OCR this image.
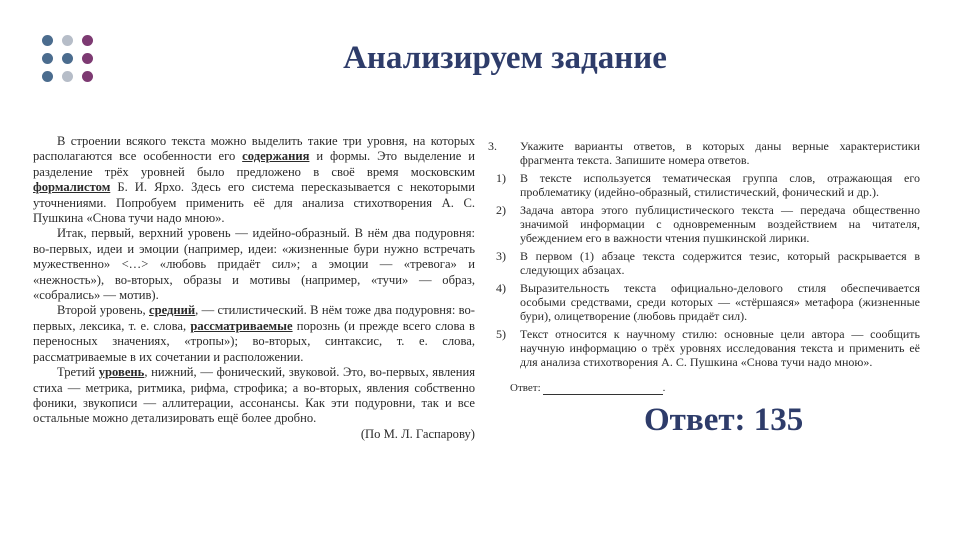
Анализируем задание

В строении всякого текста можно выделить такие три уровня, на которых располагаются все особенности его содержания и формы. Это выделение и разделение трёх уровней было предложено в своё время московским формалистом Б. И. Ярхо. Здесь его система пересказывается с некоторыми уточнениями. Попробуем применить её для анализа стихотворения А. С. Пушкина «Снова тучи надо мною».

Итак, первый, верхний уровень — идейно-образный. В нём два подуровня: во-первых, идеи и эмоции (например, идеи: «жизненные бури нужно встречать мужественно» <…> «любовь придаёт сил»; а эмоции — «тревога» и «нежность»), во-вторых, образы и мотивы (например, «тучи» — образ, «собрались» — мотив).

Второй уровень, средний, — стилистический. В нём тоже два подуровня: во-первых, лексика, т. е. слова, рассматриваемые порознь (и прежде всего слова в переносных значениях, «тропы»); во-вторых, синтаксис, т. е. слова, рассматриваемые в их сочетании и расположении.

Третий уровень, нижний, — фонический, звуковой. Это, во-первых, явления стиха — метрика, ритмика, рифма, строфика; а во-вторых, явления собственно фоники, звукописи — аллитерации, ассонансы. Как эти подуровни, так и все остальные можно детализировать ещё более дробно.

(По М. Л. Гаспарову)

3.	Укажите варианты ответов, в которых даны верные характеристики фрагмента текста. Запишите номера ответов.
1)	В тексте используется тематическая группа слов, отражающая его проблематику (идейно-образный, стилистический, фонический и др.).
2)	Задача автора этого публицистического текста — передача общественно значимой информации с одновременным воздействием на читателя, убеждением его в важности чтения пушкинской лирики.
3)	В первом (1) абзаце текста содержится тезис, который раскрывается в следующих абзацах.
4)	Выразительность текста официально-делового стиля обеспечивается особыми средствами, среди которых — «стёршаяся» метафора (жизненные бури), олицетворение (любовь придаёт сил).
5)	Текст относится к научному стилю: основные цели автора — сообщить научную информацию о трёх уровнях исследования текста и применить её для анализа стихотворения А. С. Пушкина «Снова тучи надо мною».
Ответ:	.
Ответ: 135
